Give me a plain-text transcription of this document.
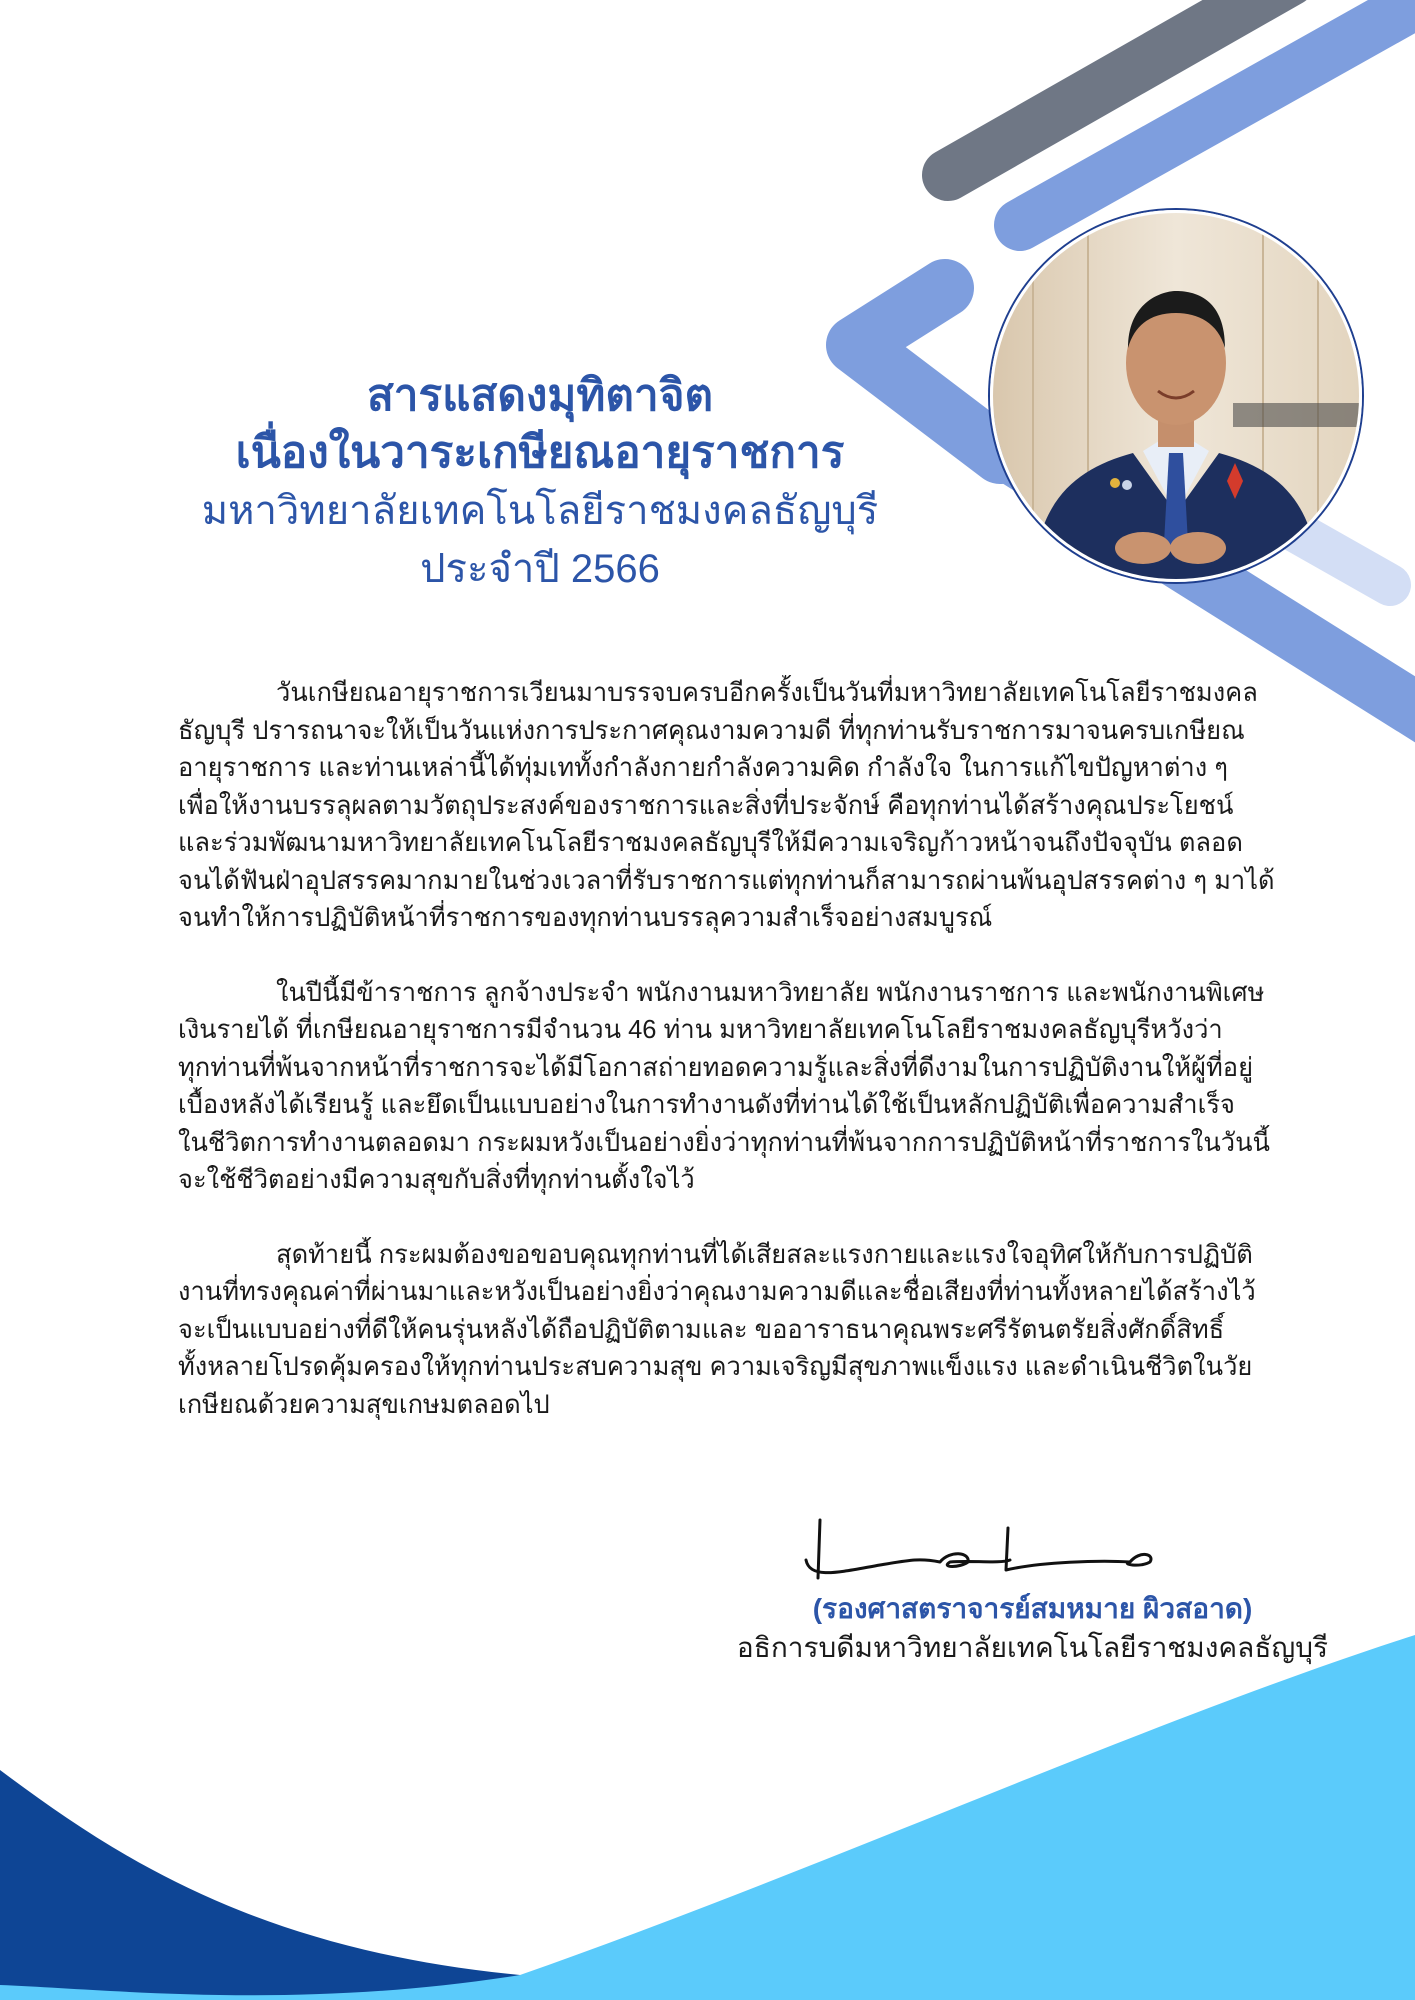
สารแสดงมุทิตาจิต
เนื่องในวาระเกษียณอายุราชการ
มหาวิทยาลัยเทคโนโลยีราชมงคลธัญบุรี
ประจำปี 2566
วันเกษียณอายุราชการเวียนมาบรรจบครบอีกครั้งเป็นวันที่มหาวิทยาลัยเทคโนโลยีราชมงคล
ธัญบุรี ปรารถนาจะให้เป็นวันแห่งการประกาศคุณงามความดี ที่ทุกท่านรับราชการมาจนครบเกษียณ
อายุราชการ และท่านเหล่านี้ได้ทุ่มเททั้งกำลังกายกำลังความคิด กำลังใจ ในการแก้ไขปัญหาต่าง ๆ
เพื่อให้งานบรรลุผลตามวัตถุประสงค์ของราชการและสิ่งที่ประจักษ์ คือทุกท่านได้สร้างคุณประโยชน์
และร่วมพัฒนามหาวิทยาลัยเทคโนโลยีราชมงคลธัญบุรีให้มีความเจริญก้าวหน้าจนถึงปัจจุบัน ตลอด
จนได้ฟันฝ่าอุปสรรคมากมายในช่วงเวลาที่รับราชการแต่ทุกท่านก็สามารถผ่านพ้นอุปสรรคต่าง ๆ มาได้
จนทำให้การปฏิบัติหน้าที่ราชการของทุกท่านบรรลุความสำเร็จอย่างสมบูรณ์
ในปีนี้มีข้าราชการ ลูกจ้างประจำ พนักงานมหาวิทยาลัย พนักงานราชการ และพนักงานพิเศษ
เงินรายได้ ที่เกษียณอายุราชการมีจำนวน 46 ท่าน มหาวิทยาลัยเทคโนโลยีราชมงคลธัญบุรีหวังว่า
ทุกท่านที่พ้นจากหน้าที่ราชการจะได้มีโอกาสถ่ายทอดความรู้และสิ่งที่ดีงามในการปฏิบัติงานให้ผู้ที่อยู่
เบื้องหลังได้เรียนรู้ และยึดเป็นแบบอย่างในการทำงานดังที่ท่านได้ใช้เป็นหลักปฏิบัติเพื่อความสำเร็จ
ในชีวิตการทำงานตลอดมา กระผมหวังเป็นอย่างยิ่งว่าทุกท่านที่พ้นจากการปฏิบัติหน้าที่ราชการในวันนี้
จะใช้ชีวิตอย่างมีความสุขกับสิ่งที่ทุกท่านตั้งใจไว้
สุดท้ายนี้ กระผมต้องขอขอบคุณทุกท่านที่ได้เสียสละแรงกายและแรงใจอุทิศให้กับการปฏิบัติ
งานที่ทรงคุณค่าที่ผ่านมาและหวังเป็นอย่างยิ่งว่าคุณงามความดีและชื่อเสียงที่ท่านทั้งหลายได้สร้างไว้
จะเป็นแบบอย่างที่ดีให้คนรุ่นหลังได้ถือปฏิบัติตามและ ขออาราธนาคุณพระศรีรัตนตรัยสิ่งศักดิ์สิทธิ์
ทั้งหลายโปรดคุ้มครองให้ทุกท่านประสบความสุข ความเจริญมีสุขภาพแข็งแรง และดำเนินชีวิตในวัย
เกษียณด้วยความสุขเกษมตลอดไป
(รองศาสตราจารย์สมหมาย ผิวสอาด)
อธิการบดีมหาวิทยาลัยเทคโนโลยีราชมงคลธัญบุรี
